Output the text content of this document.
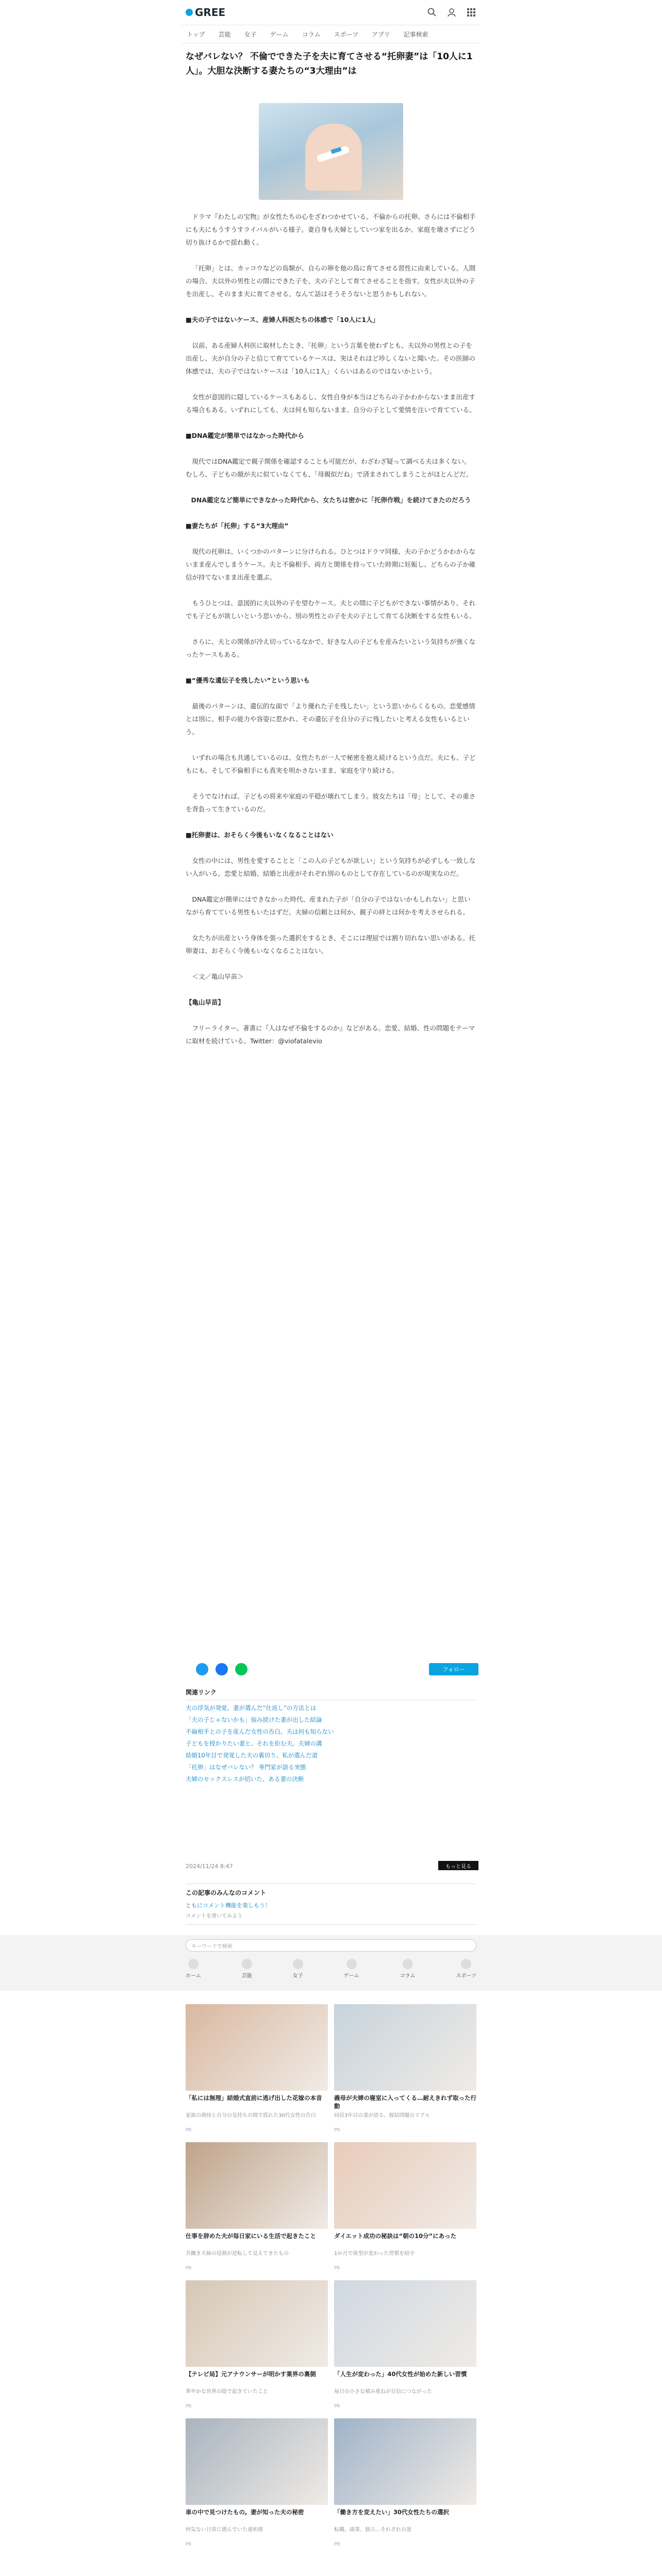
GREE
トップ 芸能 女子 ゲーム コラム スポーツ アプリ 記事検索
なぜバレない？ 不倫でできた子を夫に育てさせる“托卵妻”は「10人に1人」。大胆な決断する妻たちの“3大理由”は

ドラマ『わたしの宝物』が女性たちの心をざわつかせている。不倫からの托卵、さらには不倫相手にも夫にもうすうすライバルがいる様子。妻自身も夫婦としていつ家を出るか、家庭を壊さずにどう切り抜けるかで揺れ動く。

「托卵」とは、カッコウなどの鳥類が、自らの卵を他の鳥に育てさせる習性に由来している。人間の場合、夫以外の男性との間にできた子を、夫の子として育てさせることを指す。女性が夫以外の子を出産し、そのまま夫に育てさせる、なんて話はそうそうないと思うかもしれない。

■夫の子ではないケース、産婦人科医たちの体感で「10人に1人」

以前、ある産婦人科医に取材したとき、「托卵」という言葉を使わずとも、夫以外の男性との子を出産し、夫が自分の子と信じて育てているケースは、実はそれほど珍しくないと聞いた。その医師の体感では、夫の子ではないケースは「10人に1人」くらいはあるのではないかという。

女性が意図的に隠しているケースもあるし、女性自身が本当はどちらの子かわからないまま出産する場合もある。いずれにしても、夫は何も知らないまま、自分の子として愛情を注いで育てている。

■DNA鑑定が簡単ではなかった時代から

現代ではDNA鑑定で親子関係を確認することも可能だが、わざわざ疑って調べる夫は多くない。むしろ、子どもの顔が夫に似ていなくても、「母親似だね」で済まされてしまうことがほとんどだ。

DNA鑑定など簡単にできなかった時代から、女たちは密かに「托卵作戦」を続けてきたのだろう

■妻たちが「托卵」する“3大理由”

現代の托卵は、いくつかのパターンに分けられる。ひとつはドラマ同様、夫の子かどうかわからないまま産んでしまうケース。夫と不倫相手、両方と関係を持っていた時期に妊娠し、どちらの子か確信が持てないまま出産を選ぶ。

もうひとつは、意図的に夫以外の子を望むケース。夫との間に子どもができない事情があり、それでも子どもが欲しいという思いから、別の男性との子を夫の子として育てる決断をする女性もいる。

さらに、夫との関係が冷え切っているなかで、好きな人の子どもを産みたいという気持ちが強くなったケースもある。

■“優秀な遺伝子を残したい”という思いも

最後のパターンは、遺伝的な面で「より優れた子を残したい」という思いからくるもの。恋愛感情とは別に、相手の能力や容姿に惹かれ、その遺伝子を自分の子に残したいと考える女性もいるという。

いずれの場合も共通しているのは、女性たちが一人で秘密を抱え続けるという点だ。夫にも、子どもにも、そして不倫相手にも真実を明かさないまま、家庭を守り続ける。

そうでなければ、子どもの将来や家庭の平穏が壊れてしまう。彼女たちは「母」として、その重さを背負って生きているのだ。

■托卵妻は、おそらく今後もいなくなることはない

女性の中には、男性を愛することと「この人の子どもが欲しい」という気持ちが必ずしも一致しない人がいる。恋愛と結婚、結婚と出産がそれぞれ別のものとして存在しているのが現実なのだ。

DNA鑑定が簡単にはできなかった時代、産まれた子が「自分の子ではないかもしれない」と思いながら育てている男性もいたはずだ。夫婦の信頼とは何か、親子の絆とは何かを考えさせられる。

女たちが出産という身体を張った選択をするとき、そこには理屈では割り切れない思いがある。托卵妻は、おそらく今後もいなくなることはない。

＜文／亀山早苗＞

【亀山早苗】

フリーライター。著書に『人はなぜ不倫をするのか』などがある。恋愛、結婚、性の問題をテーマに取材を続けている。Twitter：@viofatalevio

フォロー
関連リンク
夫の浮気が発覚。妻が選んだ“仕返し”の方法とは
「夫の子じゃないかも」悩み続けた妻が出した結論
不倫相手との子を産んだ女性の告白。夫は何も知らない
子どもを授かりたい妻と、それを拒む夫。夫婦の溝
結婚10年目で発覚した夫の裏切り。私が選んだ道
「托卵」はなぜバレない？ 専門家が語る実態
夫婦のセックスレスが招いた、ある妻の決断
2024/11/24 8:47	もっと見る
この記事のみんなのコメント
ともにコメント機能を楽しもう！
コメントを書いてみよう
キーワードで検索
ホーム	芸能	女子	ゲーム	コラム	スポーツ
「私には無理」結婚式直前に逃げ出した花嫁の本音
家族の期待と自分の気持ちの間で揺れた30代女性の告白
PR
義母が夫婦の寝室に入ってくる…耐えきれず取った行動
同居3年目の妻が語る、嫁姑問題のリアル
PR
仕事を辞めた夫が毎日家にいる生活で起きたこと
共働き夫婦の役割が逆転して見えてきたもの
PR
ダイエット成功の秘訣は“朝の10分”にあった
1か月で体型が変わった習慣を紹介
PR
【テレビ局】元アナウンサーが明かす業界の裏側
華やかな世界の陰で起きていたこと
PR
「人生が変わった」40代女性が始めた新しい習慣
毎日の小さな積み重ねが自信につながった
PR
車の中で見つけたもの。妻が知った夫の秘密
何気ない日常に潜んでいた違和感
PR
「働き方を変えたい」30代女性たちの選択
転職、副業、独立…それぞれの道
PR
